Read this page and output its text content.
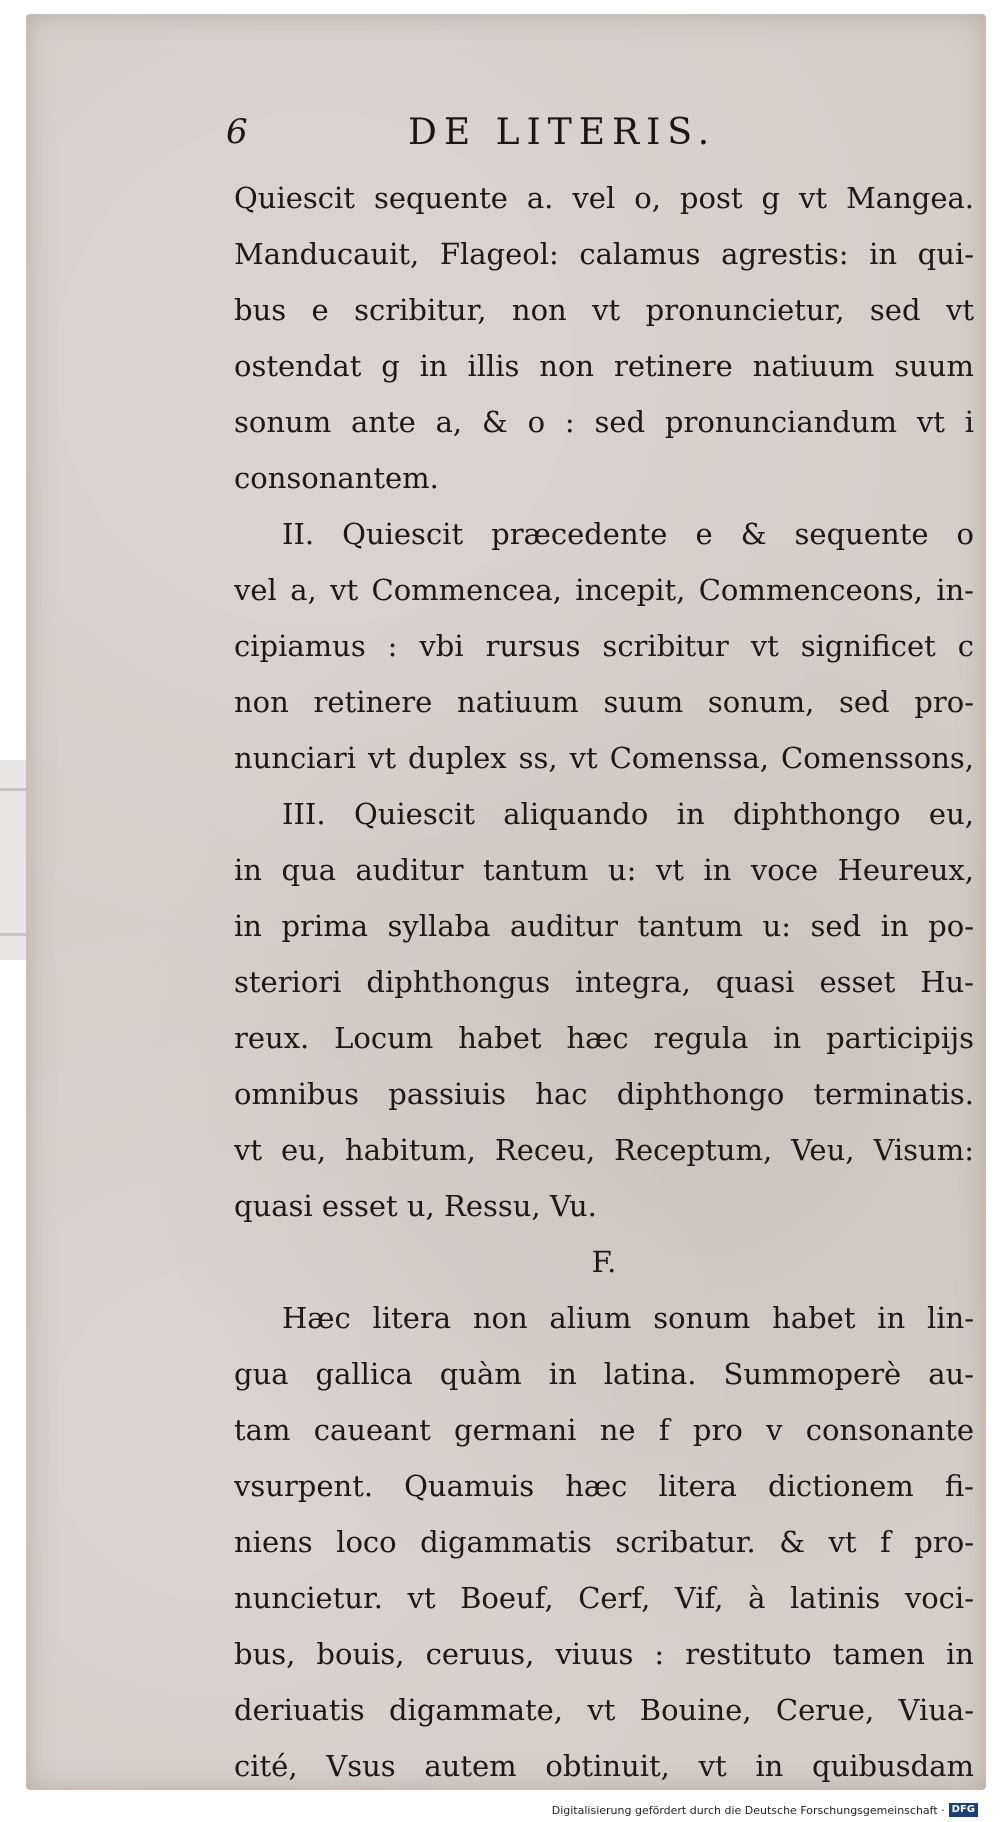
6	DE LITERIS.
Quiescit sequente a. vel o, post g vt Mangea.
Manducauit, Flageol: calamus agrestis: in qui-
bus e scribitur, non vt pronuncietur, sed vt
ostendat g in illis non retinere natiuum suum
sonum ante a, & o : sed pronunciandum vt i
consonantem.
II. Quiescit præcedente e & sequente o
vel a, vt Commencea, incepit, Commenceons, in-
cipiamus : vbi rursus scribitur vt significet c
non retinere natiuum suum sonum, sed pro-
nunciari vt duplex ss, vt Comenssa, Comenssons,
III. Quiescit aliquando in diphthongo eu,
in qua auditur tantum u: vt in voce Heureux,
in prima syllaba auditur tantum u: sed in po-
steriori diphthongus integra, quasi esset Hu-
reux. Locum habet hæc regula in participijs
omnibus passiuis hac diphthongo terminatis.
vt eu, habitum, Receu, Receptum, Veu, Visum:
quasi esset u, Ressu, Vu.
F.
Hæc litera non alium sonum habet in lin-
gua gallica quàm in latina. Summoperè au-
tam caueant germani ne f pro v consonante
vsurpent. Quamuis hæc litera dictionem fi-
niens loco digammatis scribatur. & vt f pro-
nuncietur. vt Boeuf, Cerf, Vif, à latinis voci-
bus, bouis, ceruus, viuus : restituto tamen in
deriuatis digammate, vt Bouine, Cerue, Viua-
cité, Vsus autem obtinuit, vt in quibusdam
Digitalisierung gefördert durch die Deutsche Forschungsgemeinschaft · DFG
